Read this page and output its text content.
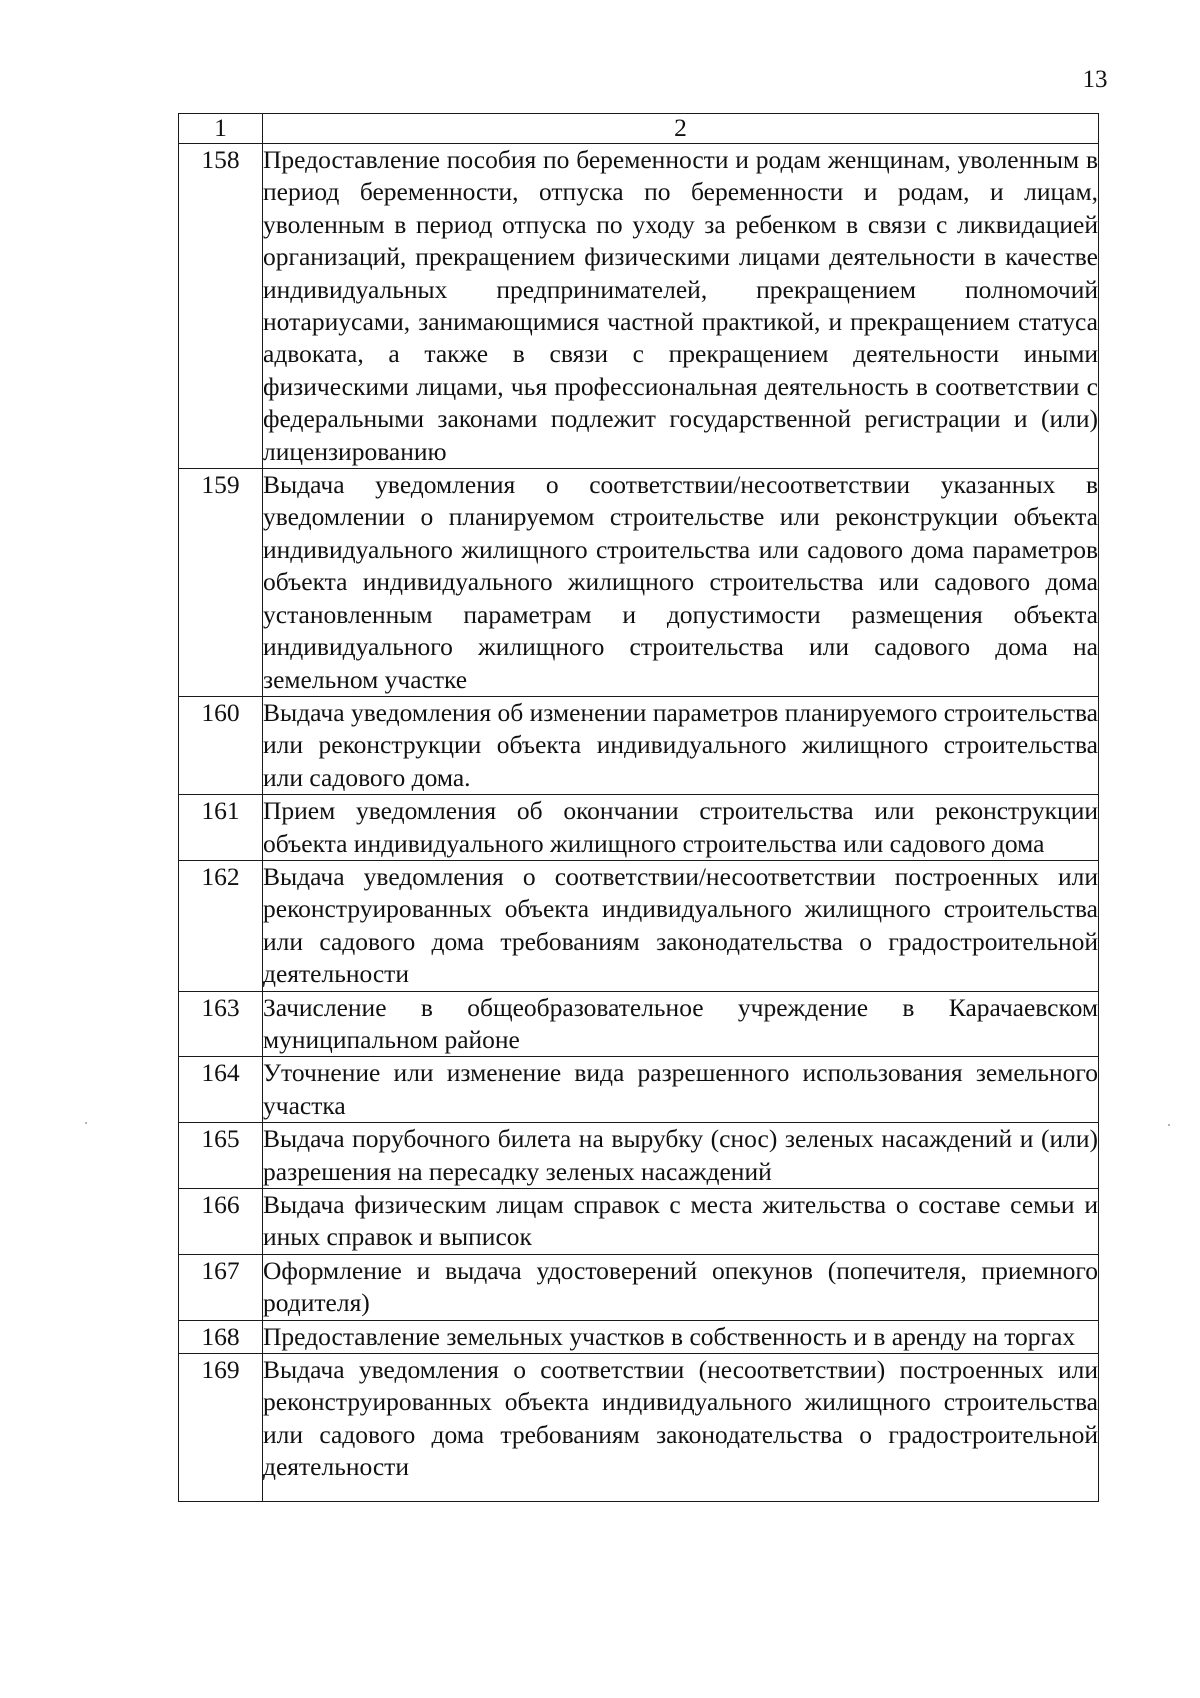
13
1	2
158	Предоставление пособия по беременности и родам женщинам, уволенным в период беременности, отпуска по беременности и родам, и лицам, уволенным в период отпуска по уходу за ребенком в связи с ликвидацией организаций, прекращением физическими лицами деятельности в качестве индивидуальных предпринимателей, прекращением полномочий нотариусами, занимающимися частной практикой, и прекращением статуса адвоката, а также в связи с прекращением деятельности иными физическими лицами, чья профессиональная деятельность в соответствии с федеральными законами подлежит государственной регистрации и (или) лицензированию
159	Выдача уведомления о соответствии/несоответствии указанных в уведомлении о планируемом строительстве или реконструкции объекта индивидуального жилищного строительства или садового дома параметров объекта индивидуального жилищного строительства или садового дома установленным параметрам и допустимости размещения объекта индивидуального жилищного строительства или садового дома на земельном участке
160	Выдача уведомления об изменении параметров планируемого строительства или реконструкции объекта индивидуального жилищного строительства или садового дома.
161	Прием уведомления об окончании строительства или реконструкции объекта индивидуального жилищного строительства или садового дома
162	Выдача уведомления о соответствии/несоответствии построенных или реконструированных объекта индивидуального жилищного строительства или садового дома требованиям законодательства о градостроительной деятельности
163	Зачисление в общеобразовательное учреждение в Карачаевском муниципальном районе
164	Уточнение или изменение вида разрешенного использования земельного участка
165	Выдача порубочного билета на вырубку (снос) зеленых насаждений и (или) разрешения на пересадку зеленых насаждений
166	Выдача физическим лицам справок с места жительства о составе семьи и иных справок и выписок
167	Оформление и выдача удостоверений опекунов (попечителя, приемного родителя)
168	Предоставление земельных участков в собственность и в аренду на торгах
169	Выдача уведомления о соответствии (несоответствии) построенных или реконструированных объекта индивидуального жилищного строительства или садового дома требованиям законодательства о градостроительной деятельности
